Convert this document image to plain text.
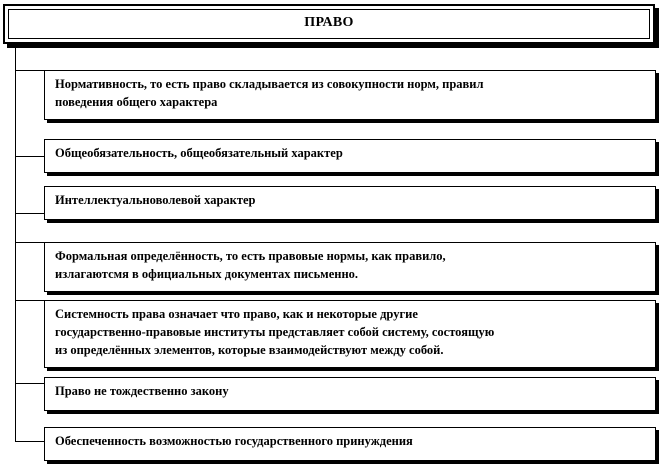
ПРАВО

Нормативность, то есть право складывается из совокупности норм, правил

поведения общего характера

Общеобязательность, общеобязательный характер

Интеллектуальноволевой характер

Формальная определённость, то есть правовые нормы, как правило,

излагаютсмя в официальных документах письменно.

Системность права означает что право, как и некоторые другие

государственно-правовые институты представляет собой систему, состоящую

из определённых элементов, которые взаимодействуют между собой.

Право не тождественно закону

Обеспеченность возможностью государственного принуждения
